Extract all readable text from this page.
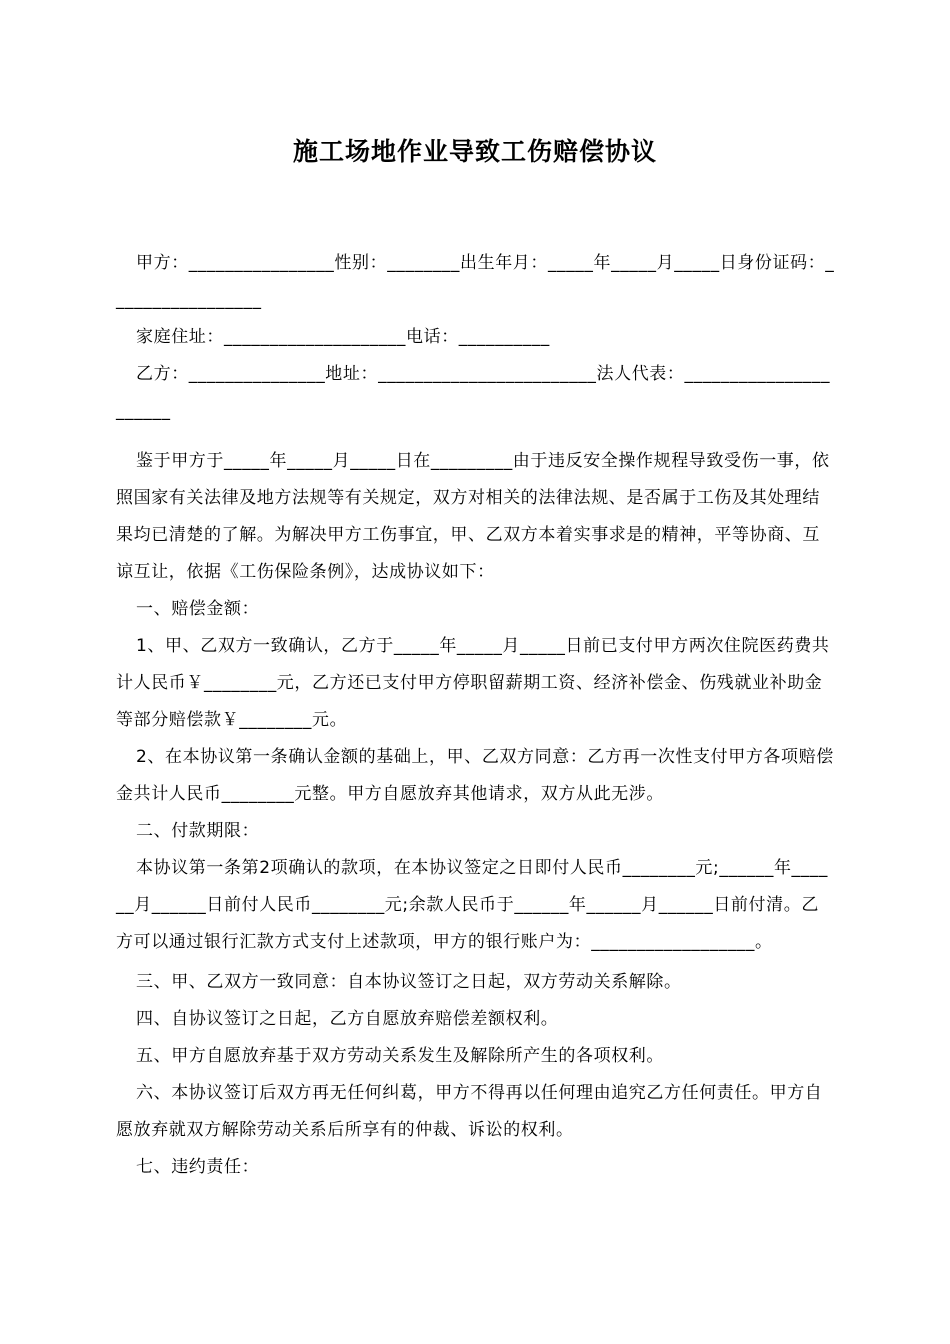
施工场地作业导致工伤赔偿协议

甲方：________________性别：________出生年月：_____年_____月_____日身份证码：_________________

家庭住址：____________________电话：__________

乙方：_______________地址：________________________法人代表：______________________

鉴于甲方于_____年_____月_____日在_________由于违反安全操作规程导致受伤一事，依照国家有关法律及地方法规等有关规定，双方对相关的法律法规、是否属于工伤及其处理结果均已清楚的了解。为解决甲方工伤事宜，甲、乙双方本着实事求是的精神，平等协商、互谅互让，依据《工伤保险条例》，达成协议如下：

一、赔偿金额：

1、甲、乙双方一致确认，乙方于_____年_____月_____日前已支付甲方两次住院医药费共计人民币￥________元，乙方还已支付甲方停职留薪期工资、经济补偿金、伤残就业补助金等部分赔偿款￥________元。

2、在本协议第一条确认金额的基础上，甲、乙双方同意：乙方再一次性支付甲方各项赔偿金共计人民币________元整。甲方自愿放弃其他请求，双方从此无涉。

二、付款期限：

本协议第一条第2项确认的款项，在本协议签定之日即付人民币________元;______年______月______日前付人民币________元;余款人民币于______年______月______日前付清。乙方可以通过银行汇款方式支付上述款项，甲方的银行账户为：__________________。

三、甲、乙双方一致同意：自本协议签订之日起，双方劳动关系解除。

四、自协议签订之日起，乙方自愿放弃赔偿差额权利。

五、甲方自愿放弃基于双方劳动关系发生及解除所产生的各项权利。

六、本协议签订后双方再无任何纠葛，甲方不得再以任何理由追究乙方任何责任。甲方自愿放弃就双方解除劳动关系后所享有的仲裁、诉讼的权利。

七、违约责任：
